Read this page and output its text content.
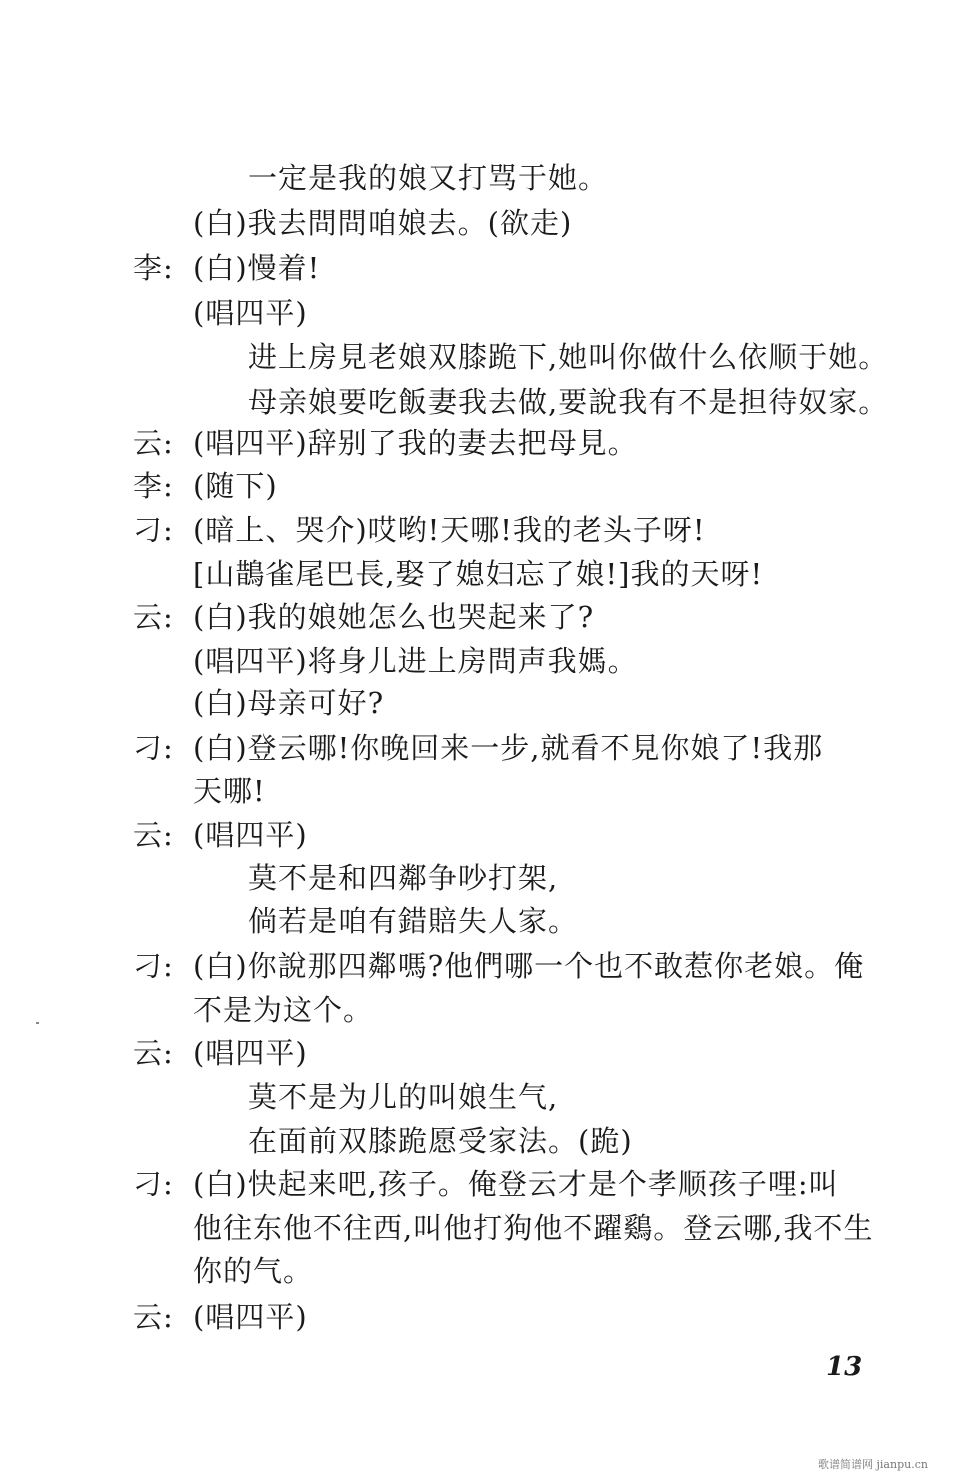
一定是我的娘又打骂于她。
(白)我去問問咱娘去。(欲走)
李: (白)慢着!
(唱四平)
进上房見老娘双膝跪下,她叫你做什么依顺于她。
母亲娘要吃飯妻我去做,要說我有不是担待奴家。
云: (唱四平)辞别了我的妻去把母見。
李: (随下)
刁: (暗上、哭介)哎哟!天哪!我的老头子呀!
[山鵲雀尾巴長,娶了媳妇忘了娘!]我的天呀!
云: (白)我的娘她怎么也哭起来了?
(唱四平)将身儿进上房問声我媽。
(白)母亲可好?
刁: (白)登云哪!你晚回来一步,就看不見你娘了!我那
天哪!
云: (唱四平)
莫不是和四鄰争吵打架,
倘若是咱有錯賠失人家。
刁: (白)你說那四鄰嗎?他們哪一个也不敢惹你老娘。俺
不是为这个。
云: (唱四平)
莫不是为儿的叫娘生气,
在面前双膝跪愿受家法。(跪)
刁: (白)快起来吧,孩子。俺登云才是个孝顺孩子哩:叫
他往东他不往西,叫他打狗他不躍鷄。登云哪,我不生
你的气。
云: (唱四平)
13
歌谱简谱网 jianpu.cn
